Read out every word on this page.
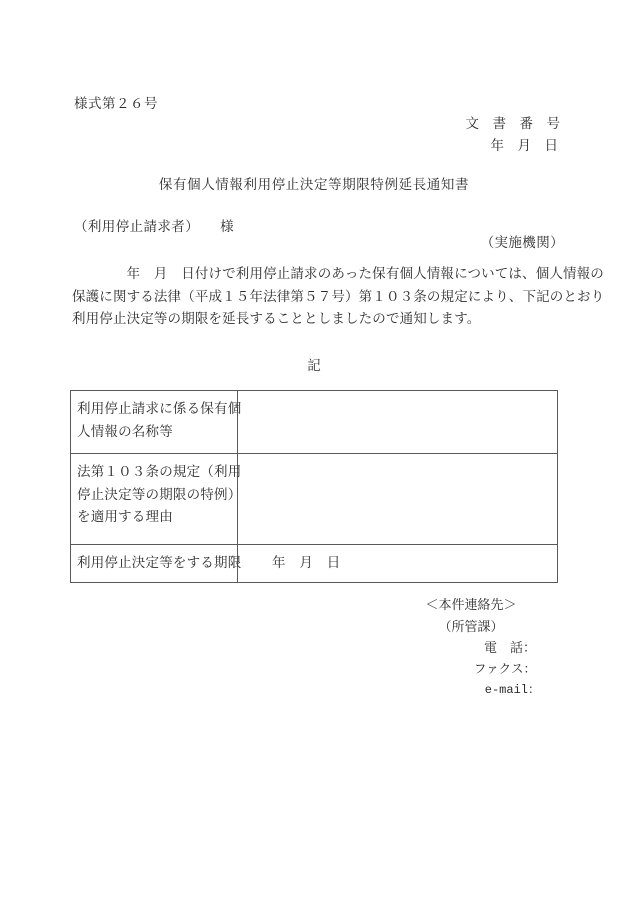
様式第２６号
文　書　番　号
年　月　日
保有個人情報利用停止決定等期限特例延長通知書
（利用停止請求者）　　様
（実施機関）
　　　　年　月　日付けで利用停止請求のあった保有個人情報については、個人情報の
保護に関する法律（平成１５年法律第５７号）第１０３条の規定により、下記のとおり
利用停止決定等の期限を延長することとしましたので通知します。
記
利用停止請求に係る保有個
人情報の名称等	

法第１０３条の規定（利用
停止決定等の期限の特例）
を適用する理由	

利用停止決定等をする期限	年　月　日
＜本件連絡先＞
（所管課）
電　話：
ファクス：
e-mail：
